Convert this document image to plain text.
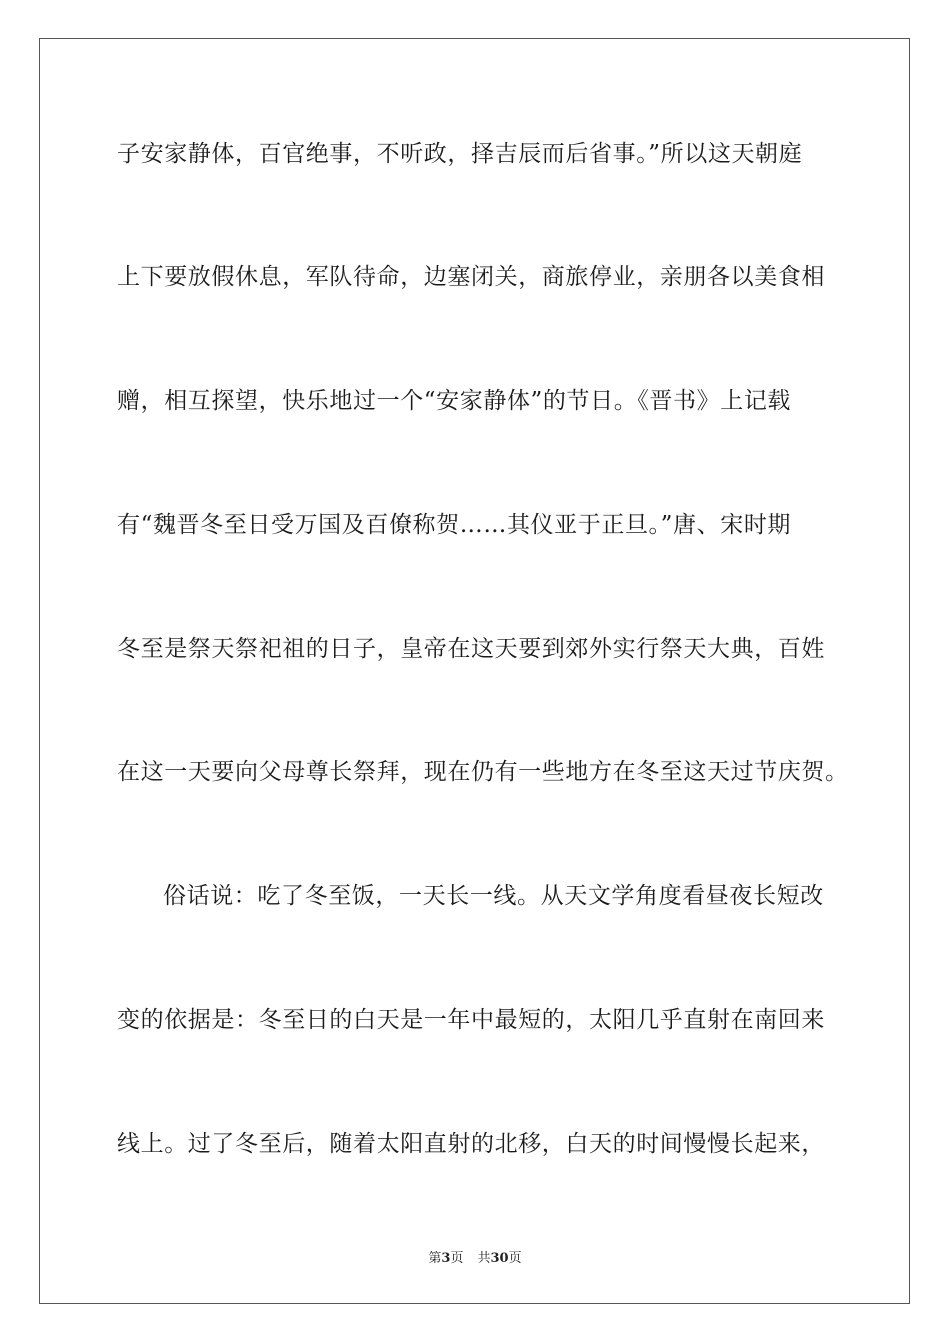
子安家静体，百官绝事，不听政，择吉辰而后省事。”所以这天朝庭
上下要放假休息，军队待命，边塞闭关，商旅停业，亲朋各以美食相
赠，相互探望，快乐地过一个“安家静体”的节日。《晋书》上记载
有“魏晋冬至日受万国及百僚称贺……其仪亚于正旦。”唐、宋时期
冬至是祭天祭祀祖的日子，皇帝在这天要到郊外实行祭天大典，百姓
在这一天要向父母尊长祭拜，现在仍有一些地方在冬至这天过节庆贺。
俗话说：吃了冬至饭，一天长一线。从天文学角度看昼夜长短改
变的依据是：冬至日的白天是一年中最短的，太阳几乎直射在南回来
线上。过了冬至后，随着太阳直射的北移，白天的时间慢慢长起来，
第3页 共30页
